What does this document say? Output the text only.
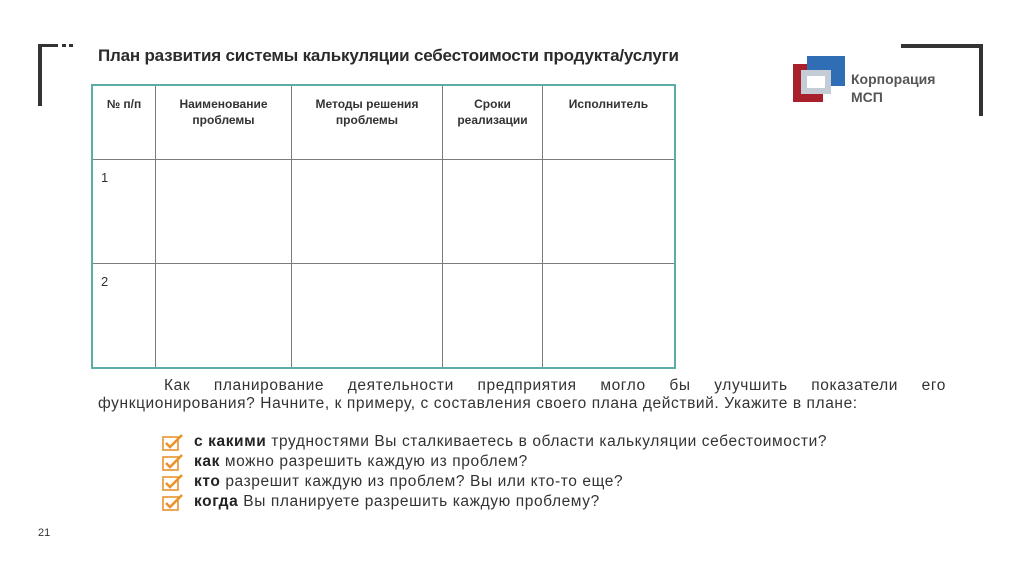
План развития системы калькуляции себестоимости продукта/услуги
Корпорация
МСП
№ п/п	Наименование проблемы	Методы решения проблемы	Сроки реализации	Исполнитель
1				
2				
Как планирование деятельности предприятия могло бы улучшить показатели его функционирования? Начните, к примеру, с составления своего плана действий. Укажите в плане:
с какими трудностями Вы сталкиваетесь в области калькуляции себестоимости?
как можно разрешить каждую из проблем?
кто разрешит каждую из проблем? Вы или кто-то еще?
когда Вы планируете разрешить каждую проблему?
21
